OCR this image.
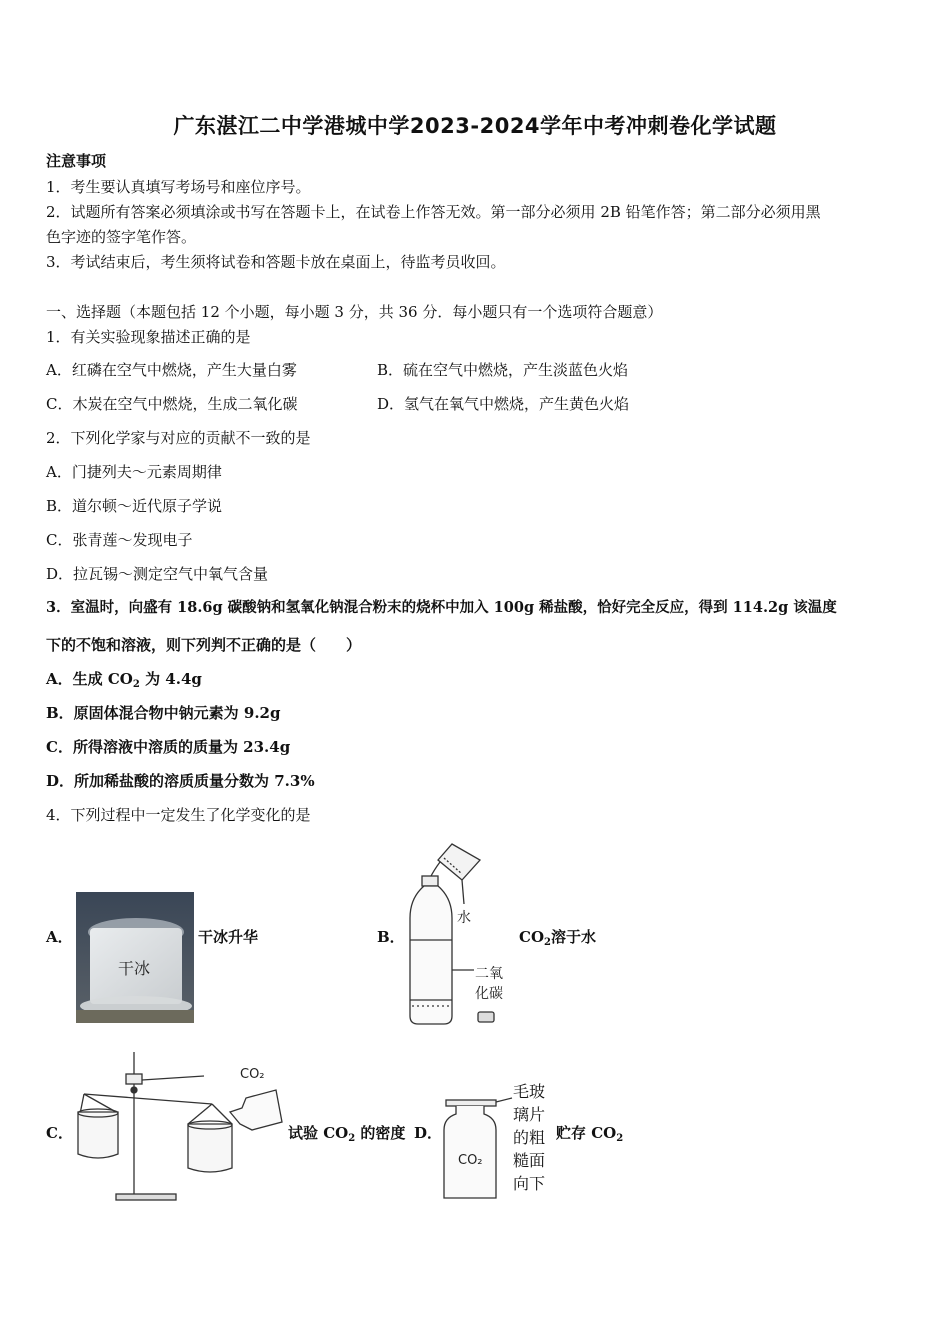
广东湛江二中学港城中学2023-2024学年中考冲刺卷化学试题
注意事项
1．考生要认真填写考场号和座位序号。
2．试题所有答案必须填涂或书写在答题卡上，在试卷上作答无效。第一部分必须用 2B 铅笔作答；第二部分必须用黑
色字迹的签字笔作答。
3．考试结束后，考生须将试卷和答题卡放在桌面上，待监考员收回。
一、选择题（本题包括 12 个小题，每小题 3 分，共 36 分．每小题只有一个选项符合题意）
1．有关实验现象描述正确的是
A．红磷在空气中燃烧，产生大量白雾	B．硫在空气中燃烧，产生淡蓝色火焰
C．木炭在空气中燃烧，生成二氧化碳	D．氢气在氧气中燃烧，产生黄色火焰
2．下列化学家与对应的贡献不一致的是
A．门捷列夫～元素周期律
B．道尔顿～近代原子学说
C．张青莲～发现电子
D．拉瓦锡～测定空气中氧气含量
3．室温时，向盛有 18.6g 碳酸钠和氢氧化钠混合粉末的烧杯中加入 100g 稀盐酸，恰好完全反应，得到 114.2g 该温度
下的不饱和溶液，则下列判不正确的是（　　）
A．生成 $CO_2$ 为 4.4g
B．原固体混合物中钠元素为 9.2g
C．所得溶液中溶质的质量为 23.4g
D．所加稀盐酸的溶质质量分数为 7.3%
4．下列过程中一定发生了化学变化的是
A．
干冰
干冰升华	B．
水
二氧
化碳
$CO_2$溶于水
C．
CO₂
试验 $CO_2$ 的密度 D．
CO₂
毛玻
璃片
的粗
糙面
向下
贮存 $CO_2$
